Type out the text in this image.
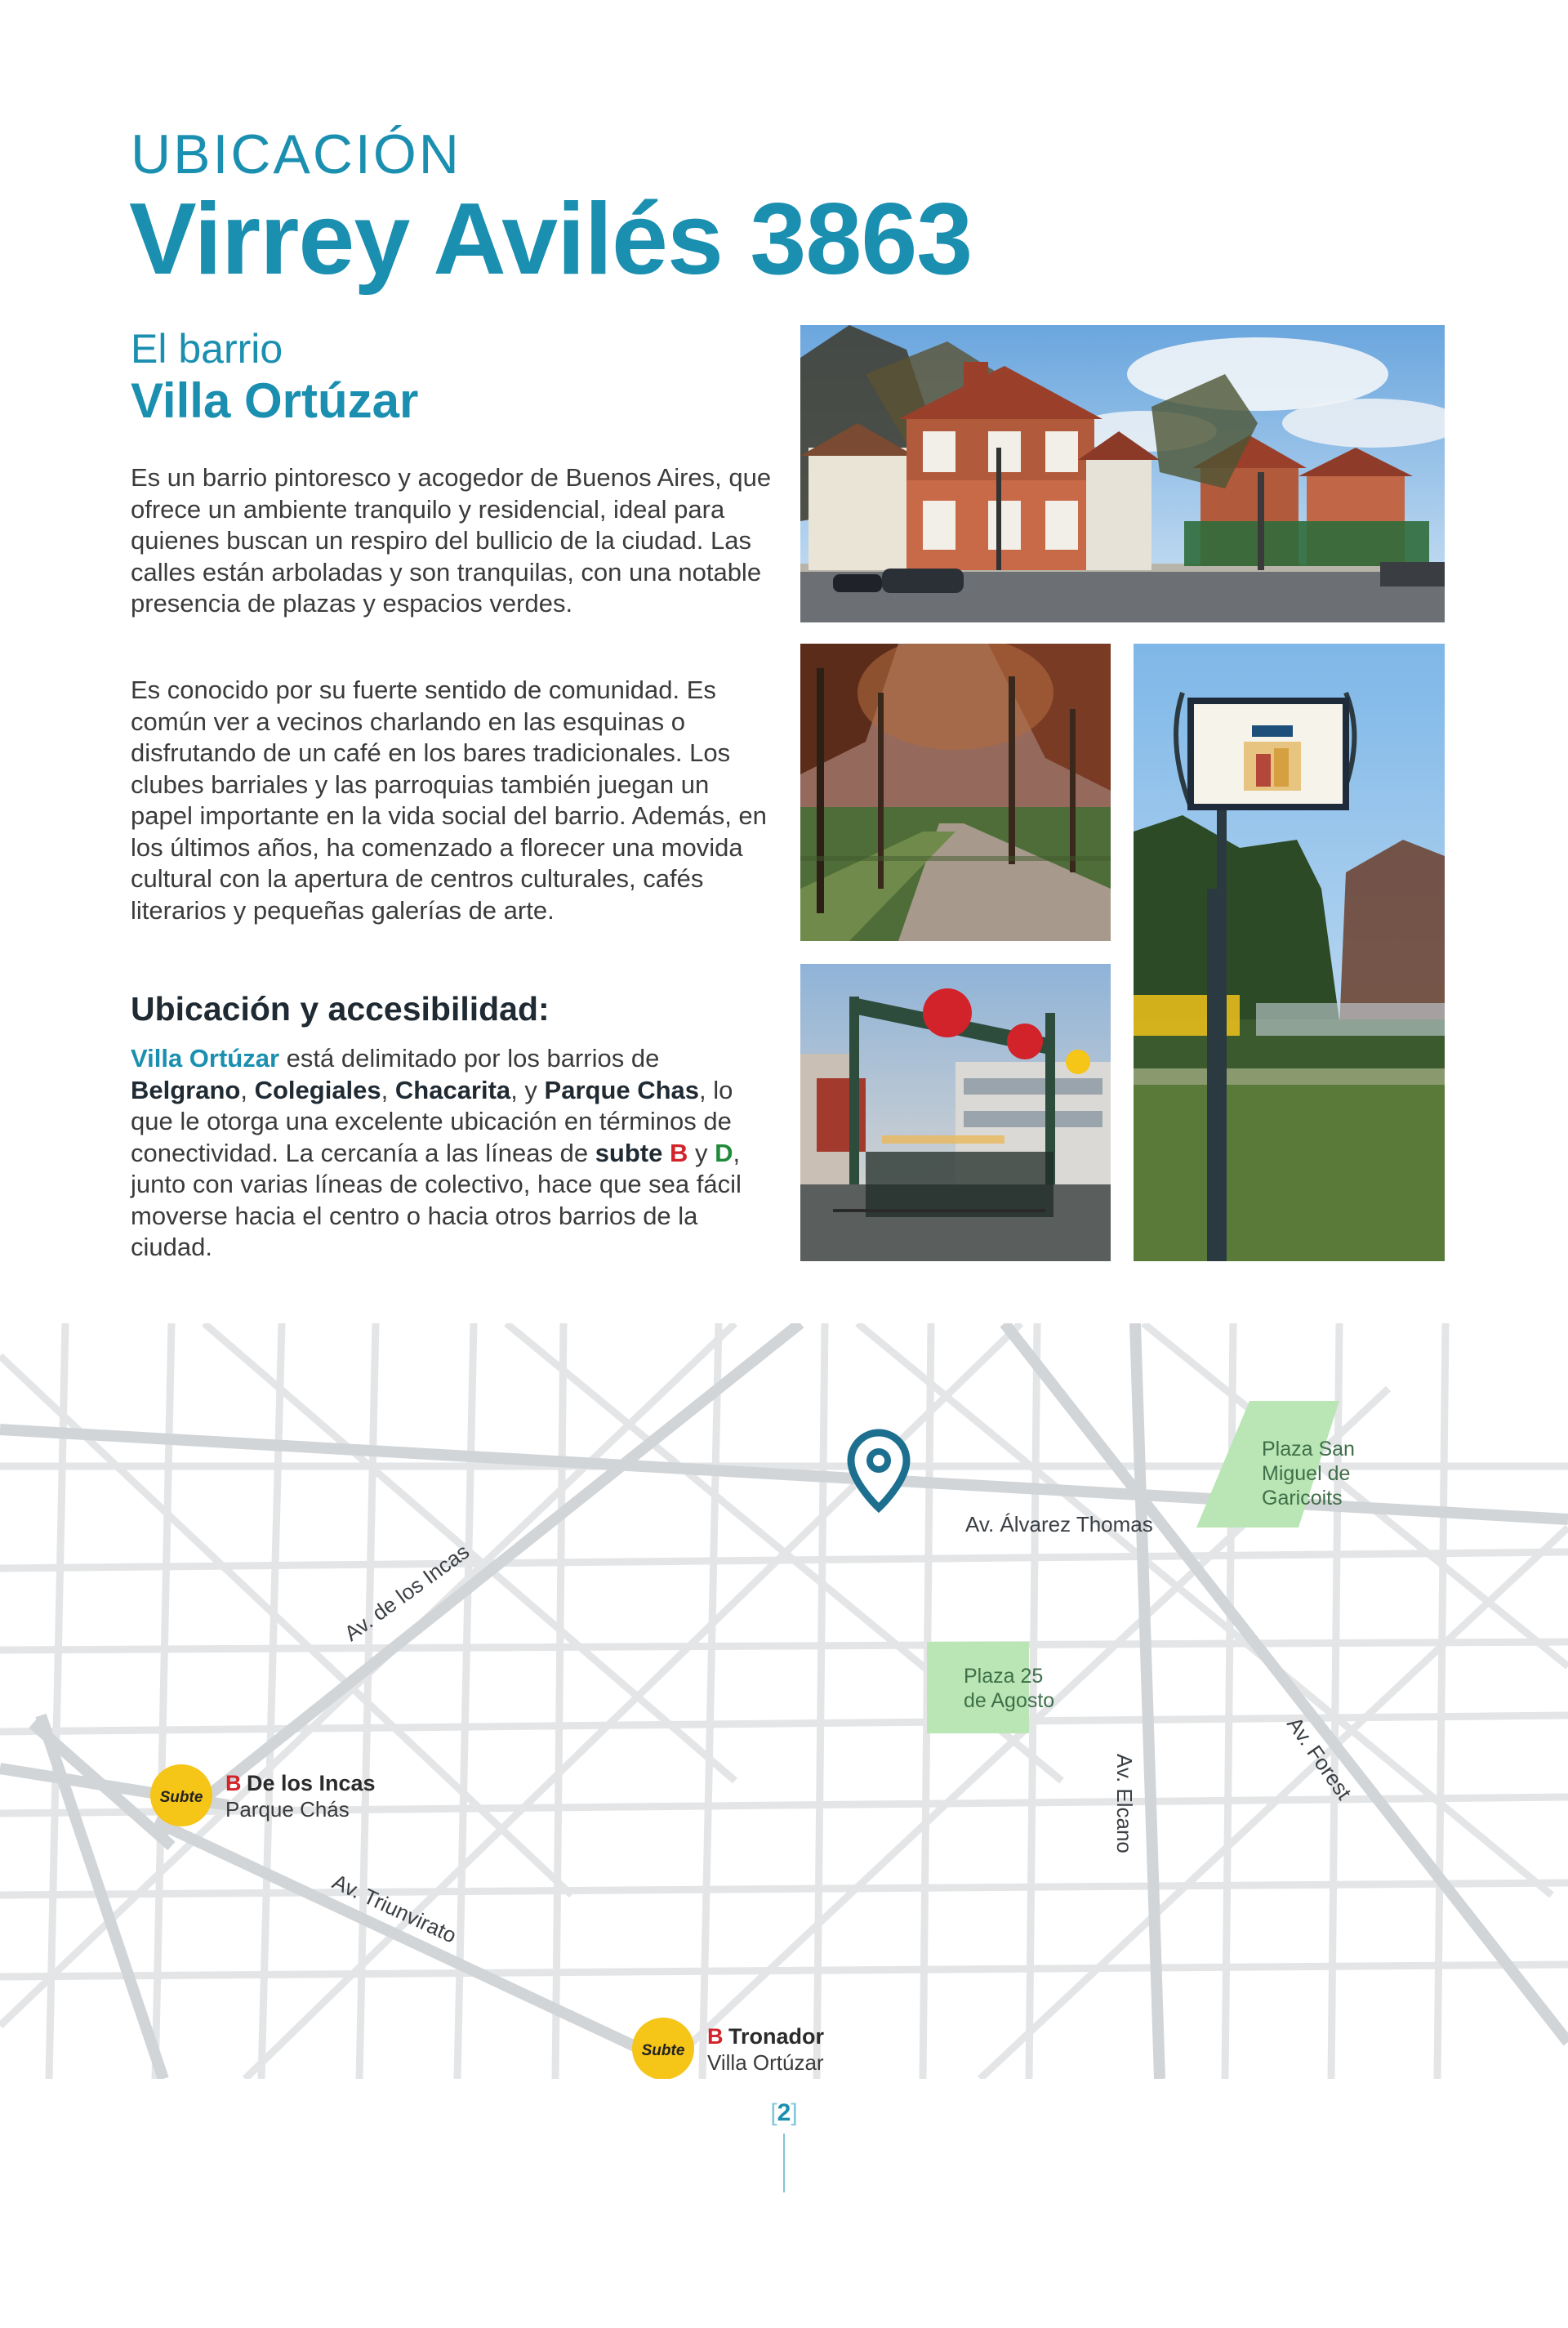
UBICACIÓN
Virrey Avilés 3863
El barrio
Villa Ortúzar
Es un barrio pintoresco y acogedor de Buenos Aires, que ofrece un ambiente tranquilo y residencial, ideal para quienes buscan un respiro del bullicio de la ciudad. Las calles están arboladas y son tranquilas, con una notable presencia de plazas y espacios verdes.
Es conocido por su fuerte sentido de comunidad. Es común ver a vecinos charlando en las esquinas o disfrutando de un café en los bares tradicionales. Los clubes barriales y las parroquias también juegan un papel importante en la vida social del barrio. Además, en los últimos años, ha comenzado a florecer una movida cultural con la apertura de centros culturales, cafés literarios y pequeñas galerías de arte.
Ubicación y accesibilidad:
Villa Ortúzar está delimitado por los barrios de Belgrano, Colegiales, Chacarita, y Parque Chas, lo que le otorga una excelente ubicación en términos de conectividad. La cercanía a las líneas de subte B y D, junto con varias líneas de colectivo, hace que sea fácil moverse hacia el centro o hacia otros barrios de la ciudad.
Av. Álvarez Thomas
Av. de los Incas
Av. Triunvirato
Av. Elcano	Av. Forest
Plaza San
Miguel de
Garicoits
Plaza 25
de Agosto
Subte
B De los Incas
Parque Chás
Subte
B Tronador
Villa Ortúzar
[2]
